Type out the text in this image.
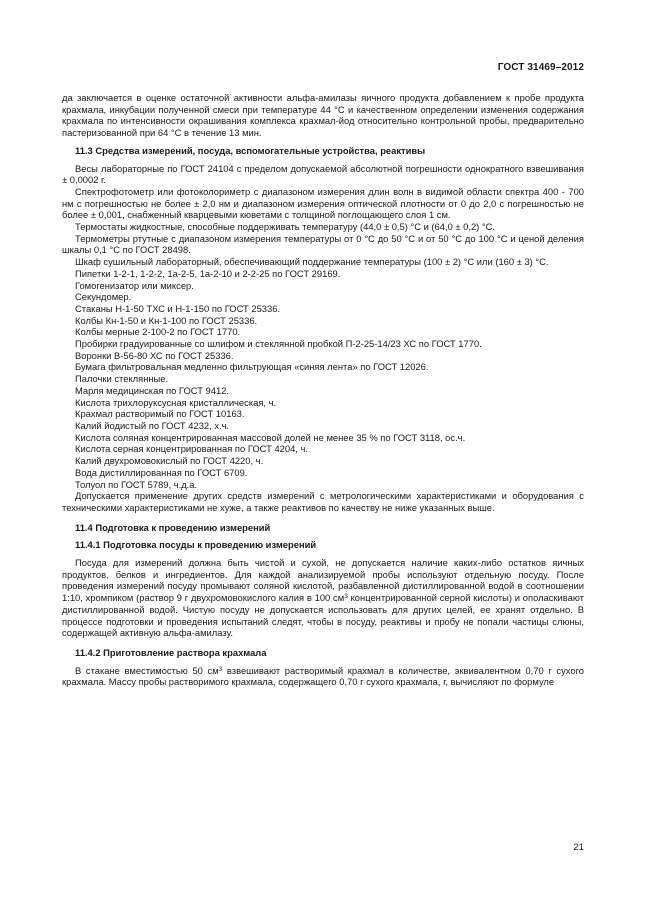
ГОСТ 31469–2012

да заключается в оценке остаточной активности альфа-амилазы яичного продукта добавлением к пробе продукта крахмала, инкубации полученной смеси при температуре 44 °С и качественном определении изменения содержания крахмала по интенсивности окрашивания комплекса крахмал-йод относительно контрольной пробы, предварительно пастеризованной при 64 °С в течение 13 мин.

11.3 Средства измерений, посуда, вспомогательные устройства, реактивы

Весы лабораторные по ГОСТ 24104 с пределом допускаемой абсолютной погрешности однократного взвешивания ± 0,0002 г.

Спектрофотометр или фотоколориметр с диапазоном измерения длин волн в видимой области спектра 400 - 700 нм с погрешностью не более ± 2,0 нм и диапазоном измерения оптической плотности от 0 до 2,0 с погрешностью не более ± 0,001, снабженный кварцевыми кюветами с толщиной поглощающего слоя 1 см.

Термостаты жидкостные, способные поддерживать температуру (44,0 ± 0,5) °С и (64,0 ± 0,2) °С.

Термометры ртутные с диапазоном измерения температуры от 0 °С до 50 °С и от 50 °С до 100 °С и ценой деления шкалы 0,1 °С по ГОСТ 28498.

Шкаф сушильный лабораторный, обеспечивающий поддержание температуры (100 ± 2) °С или (160 ± 3) °С.

Пипетки 1-2-1, 1-2-2, 1а-2-5, 1а-2-10 и 2-2-25 по ГОСТ 29169.

Гомогенизатор или миксер.

Секундомер.

Стаканы Н-1-50 ТХС и Н-1-150 по ГОСТ 25336.

Колбы Кн-1-50 и Кн-1-100 по ГОСТ 25336.

Колбы мерные 2-100-2 по ГОСТ 1770.

Пробирки градуированные со шлифом и стеклянной пробкой П-2-25-14/23 ХС по ГОСТ 1770.

Воронки В-56-80 ХС по ГОСТ 25336.

Бумага фильтровальная медленно фильтрующая «синяя лента» по ГОСТ 12026.

Палочки стеклянные.

Марля медицинская по ГОСТ 9412.

Кислота трихлоруксусная кристаллическая, ч.

Крахмал растворимый по ГОСТ 10163.

Калий йодистый по ГОСТ 4232, х.ч.

Кислота соляная концентрированная массовой долей не менее 35 % по ГОСТ 3118, ос.ч.

Кислота серная концентрированная по ГОСТ 4204, ч.

Калий двухромовокислый по ГОСТ 4220, ч.

Вода дистиллированная по ГОСТ 6709.

Толуол по ГОСТ 5789, ч.д.а.

Допускается применение других средств измерений с метрологическими характеристиками и оборудования с техническими характеристиками не хуже, а также реактивов по качеству не ниже указанных выше.

11.4 Подготовка к проведению измерений

11.4.1 Подготовка посуды к проведению измерений

Посуда для измерений должна быть чистой и сухой, не допускается наличие каких-либо остатков яичных продуктов, белков и ингредиентов. Для каждой анализируемой пробы используют отдельную посуду. После проведения измерений посуду промывают соляной кислотой, разбавленной дистиллированной водой в соотношении 1:10, хромпиком (раствор 9 г двухромовокислого калия в 100 $см^3$ концентрированной серной кислоты) и ополаскивают дистиллированной водой. Чистую посуду не допускается использовать для других целей, ее хранят отдельно. В процессе подготовки и проведения испытаний следят, чтобы в посуду, реактивы и пробу не попали частицы слюны, содержащей активную альфа-амилазу.

11.4.2 Приготовление раствора крахмала

В стакане вместимостью 50 $см^3$ взвешивают растворимый крахмал в количестве, эквивалентном 0,70 г сухого крахмала. Массу пробы растворимого крахмала, содержащего 0,70 г сухого крахмала, г, вычисляют по формуле

21
